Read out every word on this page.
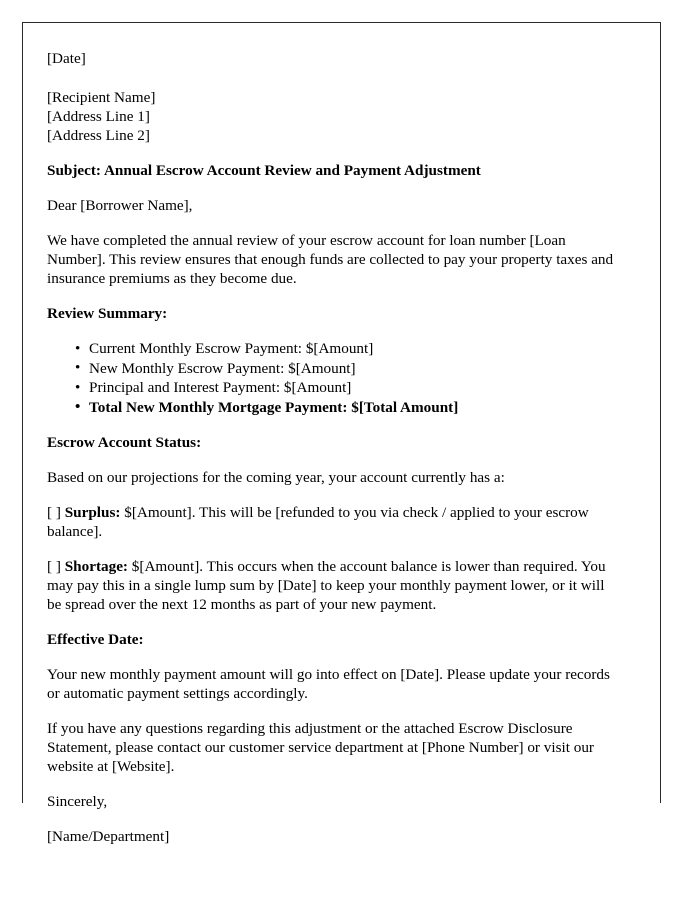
[Date]

[Recipient Name]

[Address Line 1]

[Address Line 2]

Subject: Annual Escrow Account Review and Payment Adjustment

Dear [Borrower Name],

We have completed the annual review of your escrow account for loan number [Loan Number]. This review ensures that enough funds are collected to pay your property taxes and insurance premiums as they become due.

Review Summary:

• Current Monthly Escrow Payment: $[Amount]
• New Monthly Escrow Payment: $[Amount]
• Principal and Interest Payment: $[Amount]
• Total New Monthly Mortgage Payment: $[Total Amount]

Escrow Account Status:

Based on our projections for the coming year, your account currently has a:

[ ] Surplus: $[Amount]. This will be [refunded to you via check / applied to your escrow balance].

[ ] Shortage: $[Amount]. This occurs when the account balance is lower than required. You may pay this in a single lump sum by [Date] to keep your monthly payment lower, or it will be spread over the next 12 months as part of your new payment.

Effective Date:

Your new monthly payment amount will go into effect on [Date]. Please update your records or automatic payment settings accordingly.

If you have any questions regarding this adjustment or the attached Escrow Disclosure Statement, please contact our customer service department at [Phone Number] or visit our website at [Website].

Sincerely,

[Name/Department]
